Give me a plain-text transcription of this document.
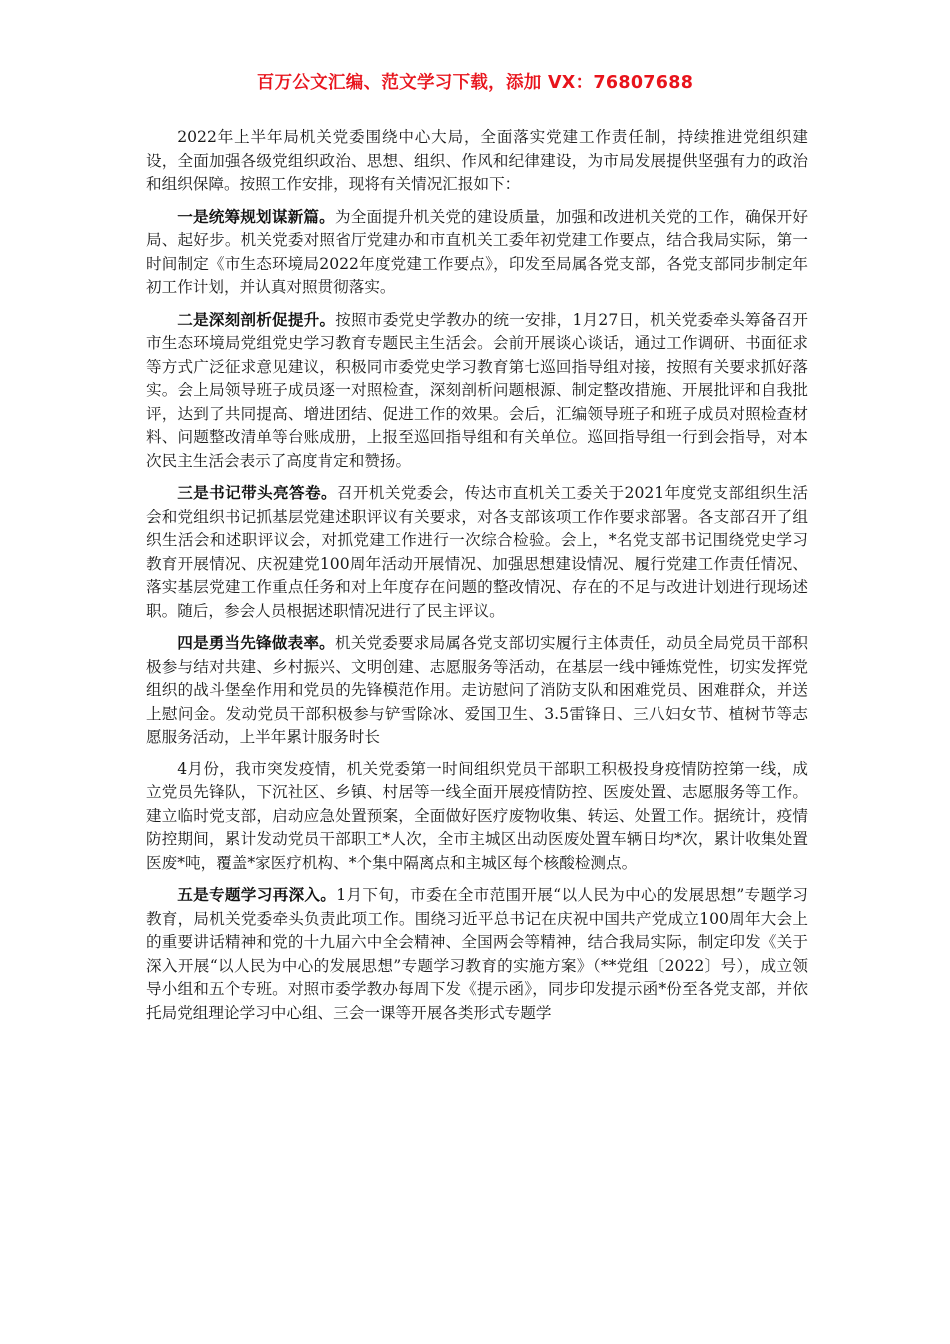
百万公文汇编、范文学习下载，添加 VX：76807688

2022年上半年局机关党委围绕中心大局，全面落实党建工作责任制，持续推进党组织建设，全面加强各级党组织政治、思想、组织、作风和纪律建设，为市局发展提供坚强有力的政治和组织保障。按照工作安排，现将有关情况汇报如下：

一是统筹规划谋新篇。为全面提升机关党的建设质量，加强和改进机关党的工作，确保开好局、起好步。机关党委对照省厅党建办和市直机关工委年初党建工作要点，结合我局实际，第一时间制定《市生态环境局2022年度党建工作要点》，印发至局属各党支部，各党支部同步制定年初工作计划，并认真对照贯彻落实。

二是深刻剖析促提升。按照市委党史学教办的统一安排，1月27日，机关党委牵头筹备召开市生态环境局党组党史学习教育专题民主生活会。会前开展谈心谈话，通过工作调研、书面征求等方式广泛征求意见建议，积极同市委党史学习教育第七巡回指导组对接，按照有关要求抓好落实。会上局领导班子成员逐一对照检查，深刻剖析问题根源、制定整改措施、开展批评和自我批评，达到了共同提高、增进团结、促进工作的效果。会后，汇编领导班子和班子成员对照检查材料、问题整改清单等台账成册，上报至巡回指导组和有关单位。巡回指导组一行到会指导，对本次民主生活会表示了高度肯定和赞扬。

三是书记带头亮答卷。召开机关党委会，传达市直机关工委关于2021年度党支部组织生活会和党组织书记抓基层党建述职评议有关要求，对各支部该项工作作要求部署。各支部召开了组织生活会和述职评议会，对抓党建工作进行一次综合检验。会上，*名党支部书记围绕党史学习教育开展情况、庆祝建党100周年活动开展情况、加强思想建设情况、履行党建工作责任情况、落实基层党建工作重点任务和对上年度存在问题的整改情况、存在的不足与改进计划进行现场述职。随后，参会人员根据述职情况进行了民主评议。

四是勇当先锋做表率。机关党委要求局属各党支部切实履行主体责任，动员全局党员干部积极参与结对共建、乡村振兴、文明创建、志愿服务等活动，在基层一线中锤炼党性，切实发挥党组织的战斗堡垒作用和党员的先锋模范作用。走访慰问了消防支队和困难党员、困难群众，并送上慰问金。发动党员干部积极参与铲雪除冰、爱国卫生、3.5雷锋日、三八妇女节、植树节等志愿服务活动，上半年累计服务时长

4月份，我市突发疫情，机关党委第一时间组织党员干部职工积极投身疫情防控第一线，成立党员先锋队，下沉社区、乡镇、村居等一线全面开展疫情防控、医废处置、志愿服务等工作。建立临时党支部，启动应急处置预案，全面做好医疗废物收集、转运、处置工作。据统计，疫情防控期间，累计发动党员干部职工*人次，全市主城区出动医废处置车辆日均*次，累计收集处置医废*吨，覆盖*家医疗机构、*个集中隔离点和主城区每个核酸检测点。

五是专题学习再深入。1月下旬，市委在全市范围开展“以人民为中心的发展思想”专题学习教育，局机关党委牵头负责此项工作。围绕习近平总书记在庆祝中国共产党成立100周年大会上的重要讲话精神和党的十九届六中全会精神、全国两会等精神，结合我局实际，制定印发《关于深入开展“以人民为中心的发展思想”专题学习教育的实施方案》（**党组〔2022〕号），成立领导小组和五个专班。对照市委学教办每周下发《提示函》，同步印发提示函*份至各党支部，并依托局党组理论学习中心组、三会一课等开展各类形式专题学
